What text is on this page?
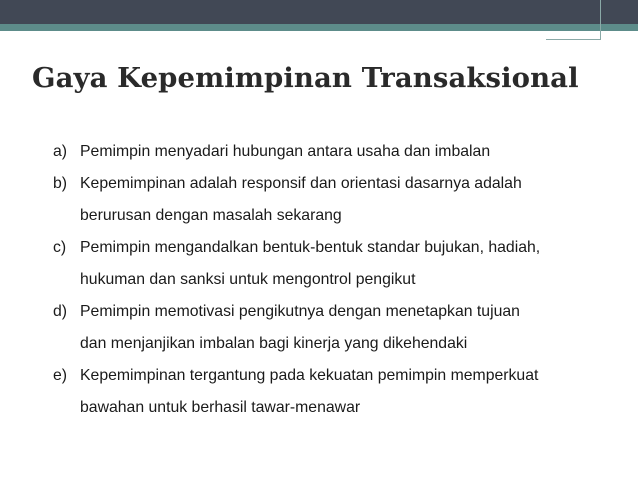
Gaya Kepemimpinan Transaksional
a) Pemimpin menyadari hubungan antara usaha dan imbalan
b) Kepemimpinan adalah responsif dan orientasi dasarnya adalah
berurusan dengan masalah sekarang
c) Pemimpin mengandalkan bentuk-bentuk standar bujukan, hadiah,
hukuman dan sanksi untuk mengontrol pengikut
d) Pemimpin memotivasi pengikutnya dengan menetapkan tujuan
dan menjanjikan imbalan bagi kinerja yang dikehendaki
e) Kepemimpinan tergantung pada kekuatan pemimpin memperkuat
bawahan untuk berhasil tawar-menawar
